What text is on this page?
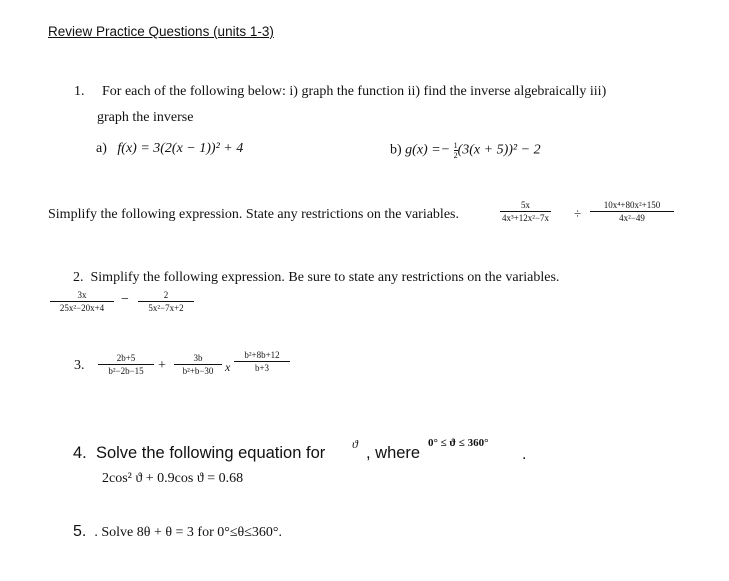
Review Practice Questions (units 1-3)
1. For each of the following below: i) graph the function ii) find the inverse algebraically iii)
graph the inverse
a) f(x) = 3(2(x − 1))² + 4	b) $g(x) =- \frac{1}{2} (3(x + 5))^2 - 2$
Simplify the following expression. State any restrictions on the variables.	$\frac{5x}{\text{4x³+12x²−7x}} \div \frac{\text{10x⁴+80x²+150}}{\text{4x²−49}}$
2. Simplify the following expression. Be sure to state any restrictions on the variables.
$\frac{3x}{\text{25x²−20x+4}} - \frac{2}{\text{5x²−7x+2}}$
3. $\frac{2b+5}{\text{b²−2b−15}} + \frac{3b}{\text{b²+b−30}}$ x $\frac{\text{b²+8b+12}}{b+3}$
4. Solve the following equation for ϑ , where
0° ≤ ϑ ≤ 360°
.
2cos² ϑ + 0.9cos ϑ = 0.68
5. . Solve 8θ + θ = 3 for 0°≤θ≤360°.
